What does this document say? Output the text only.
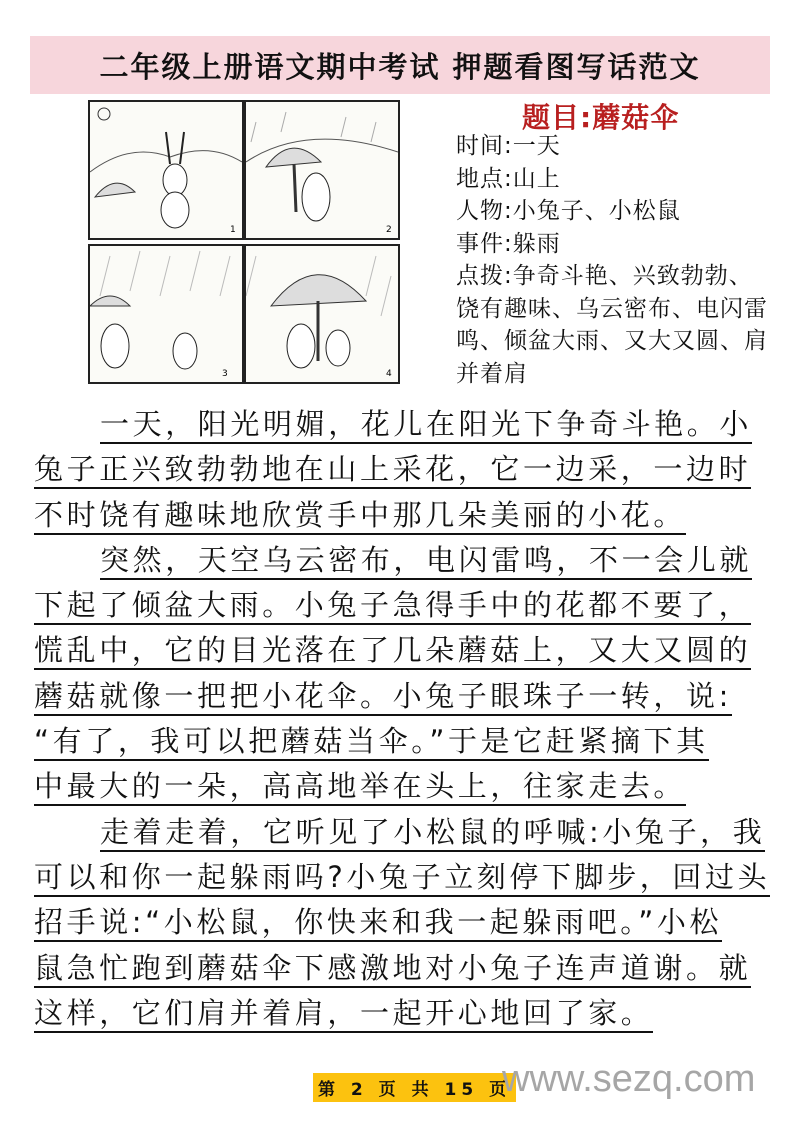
二年级上册语文期中考试 押题看图写话范文
1	2
3	4
题目:蘑菇伞
时间:一天
地点:山上
人物:小兔子、小松鼠
事件:躲雨
点拨:争奇斗艳、兴致勃勃、饶有趣味、乌云密布、电闪雷鸣、倾盆大雨、又大又圆、肩并着肩
一天，阳光明媚，花儿在阳光下争奇斗艳。小
兔子正兴致勃勃地在山上采花，它一边采，一边时
不时饶有趣味地欣赏手中那几朵美丽的小花。
突然，天空乌云密布，电闪雷鸣，不一会儿就
下起了倾盆大雨。小兔子急得手中的花都不要了，
慌乱中，它的目光落在了几朵蘑菇上，又大又圆的
蘑菇就像一把把小花伞。小兔子眼珠子一转，说:
“有了，我可以把蘑菇当伞。”于是它赶紧摘下其
中最大的一朵，高高地举在头上，往家走去。
走着走着，它听见了小松鼠的呼喊:小兔子，我
可以和你一起躲雨吗?小兔子立刻停下脚步，回过头
招手说:“小松鼠，你快来和我一起躲雨吧。”小松
鼠急忙跑到蘑菇伞下感激地对小兔子连声道谢。就
这样，它们肩并着肩，一起开心地回了家。
第 2 页 共 15 页
www.sezq.com
